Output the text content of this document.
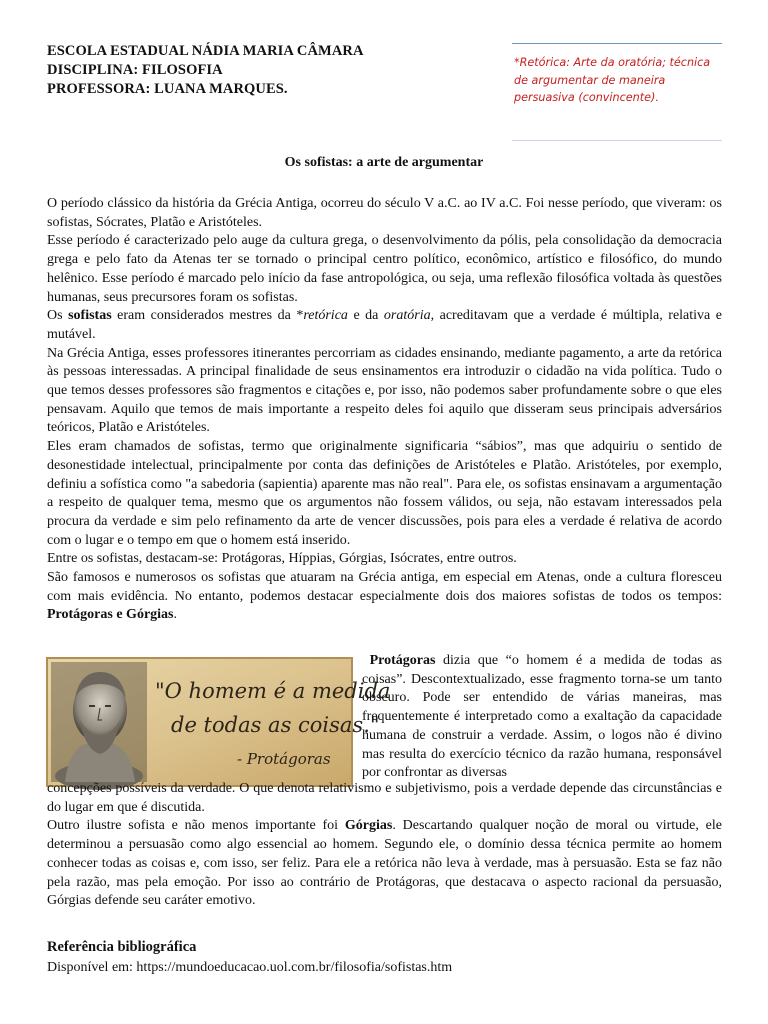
ESCOLA ESTADUAL NÁDIA MARIA CÂMARA
DISCIPLINA: FILOSOFIA
PROFESSORA: LUANA MARQUES.
*Retórica: Arte da oratória; técnica de argumentar de maneira persuasiva (convincente).
Os sofistas: a arte de argumentar

O período clássico da história da Grécia Antiga, ocorreu do século V a.C. ao IV a.C. Foi nesse período, que viveram: os sofistas, Sócrates, Platão e Aristóteles.

Esse período é caracterizado pelo auge da cultura grega, o desenvolvimento da pólis, pela consolidação da democracia grega e pelo fato da Atenas ter se tornado o principal centro político, econômico, artístico e filosófico, do mundo helênico. Esse período é marcado pelo início da fase antropológica, ou seja, uma reflexão filosófica voltada às questões humanas, seus precursores foram os sofistas.

Os sofistas eram considerados mestres da *retórica e da oratória, acreditavam que a verdade é múltipla, relativa e mutável.

Na Grécia Antiga, esses professores itinerantes percorriam as cidades ensinando, mediante pagamento, a arte da retórica às pessoas interessadas. A principal finalidade de seus ensinamentos era introduzir o cidadão na vida política. Tudo o que temos desses professores são fragmentos e citações e, por isso, não podemos saber profundamente sobre o que eles pensavam. Aquilo que temos de mais importante a respeito deles foi aquilo que disseram seus principais adversários teóricos, Platão e Aristóteles.

Eles eram chamados de sofistas, termo que originalmente significaria “sábios”, mas que adquiriu o sentido de desonestidade intelectual, principalmente por conta das definições de Aristóteles e Platão. Aristóteles, por exemplo, definiu a sofística como "a sabedoria (sapientia) aparente mas não real". Para ele, os sofistas ensinavam a argumentação a respeito de qualquer tema, mesmo que os argumentos não fossem válidos, ou seja, não estavam interessados pela procura da verdade e sim pelo refinamento da arte de vencer discussões, pois para eles a verdade é relativa de acordo com o lugar e o tempo em que o homem está inserido.

Entre os sofistas, destacam-se: Protágoras, Híppias, Górgias, Isócrates, entre outros.

São famosos e numerosos os sofistas que atuaram na Grécia antiga, em especial em Atenas, onde a cultura floresceu com mais evidência. No entanto, podemos destacar especialmente dois dos maiores sofistas de todos os tempos: Protágoras e Górgias.

"O homem é a medida
de todas as coisas."
- Protágoras

Protágoras dizia que “o homem é a medida de todas as coisas”. Descontextualizado, esse fragmento torna-se um tanto obscuro. Pode ser entendido de várias maneiras, mas frequentemente é interpretado como a exaltação da capacidade humana de construir a verdade. Assim, o logos não é divino mas resulta do exercício técnico da razão humana, responsável por confrontar as diversas

concepções possíveis da verdade. O que denota relativismo e subjetivismo, pois a verdade depende das circunstâncias e do lugar em que é discutida.

Outro ilustre sofista e não menos importante foi Górgias. Descartando qualquer noção de moral ou virtude, ele determinou a persuasão como algo essencial ao homem. Segundo ele, o domínio dessa técnica permite ao homem conhecer todas as coisas e, com isso, ser feliz. Para ele a retórica não leva à verdade, mas à persuasão. Esta se faz não pela razão, mas pela emoção. Por isso ao contrário de Protágoras, que destacava o aspecto racional da persuasão, Górgias defende seu caráter emotivo.

Referência bibliográfica
Disponível em: https://mundoeducacao.uol.com.br/filosofia/sofistas.htm
